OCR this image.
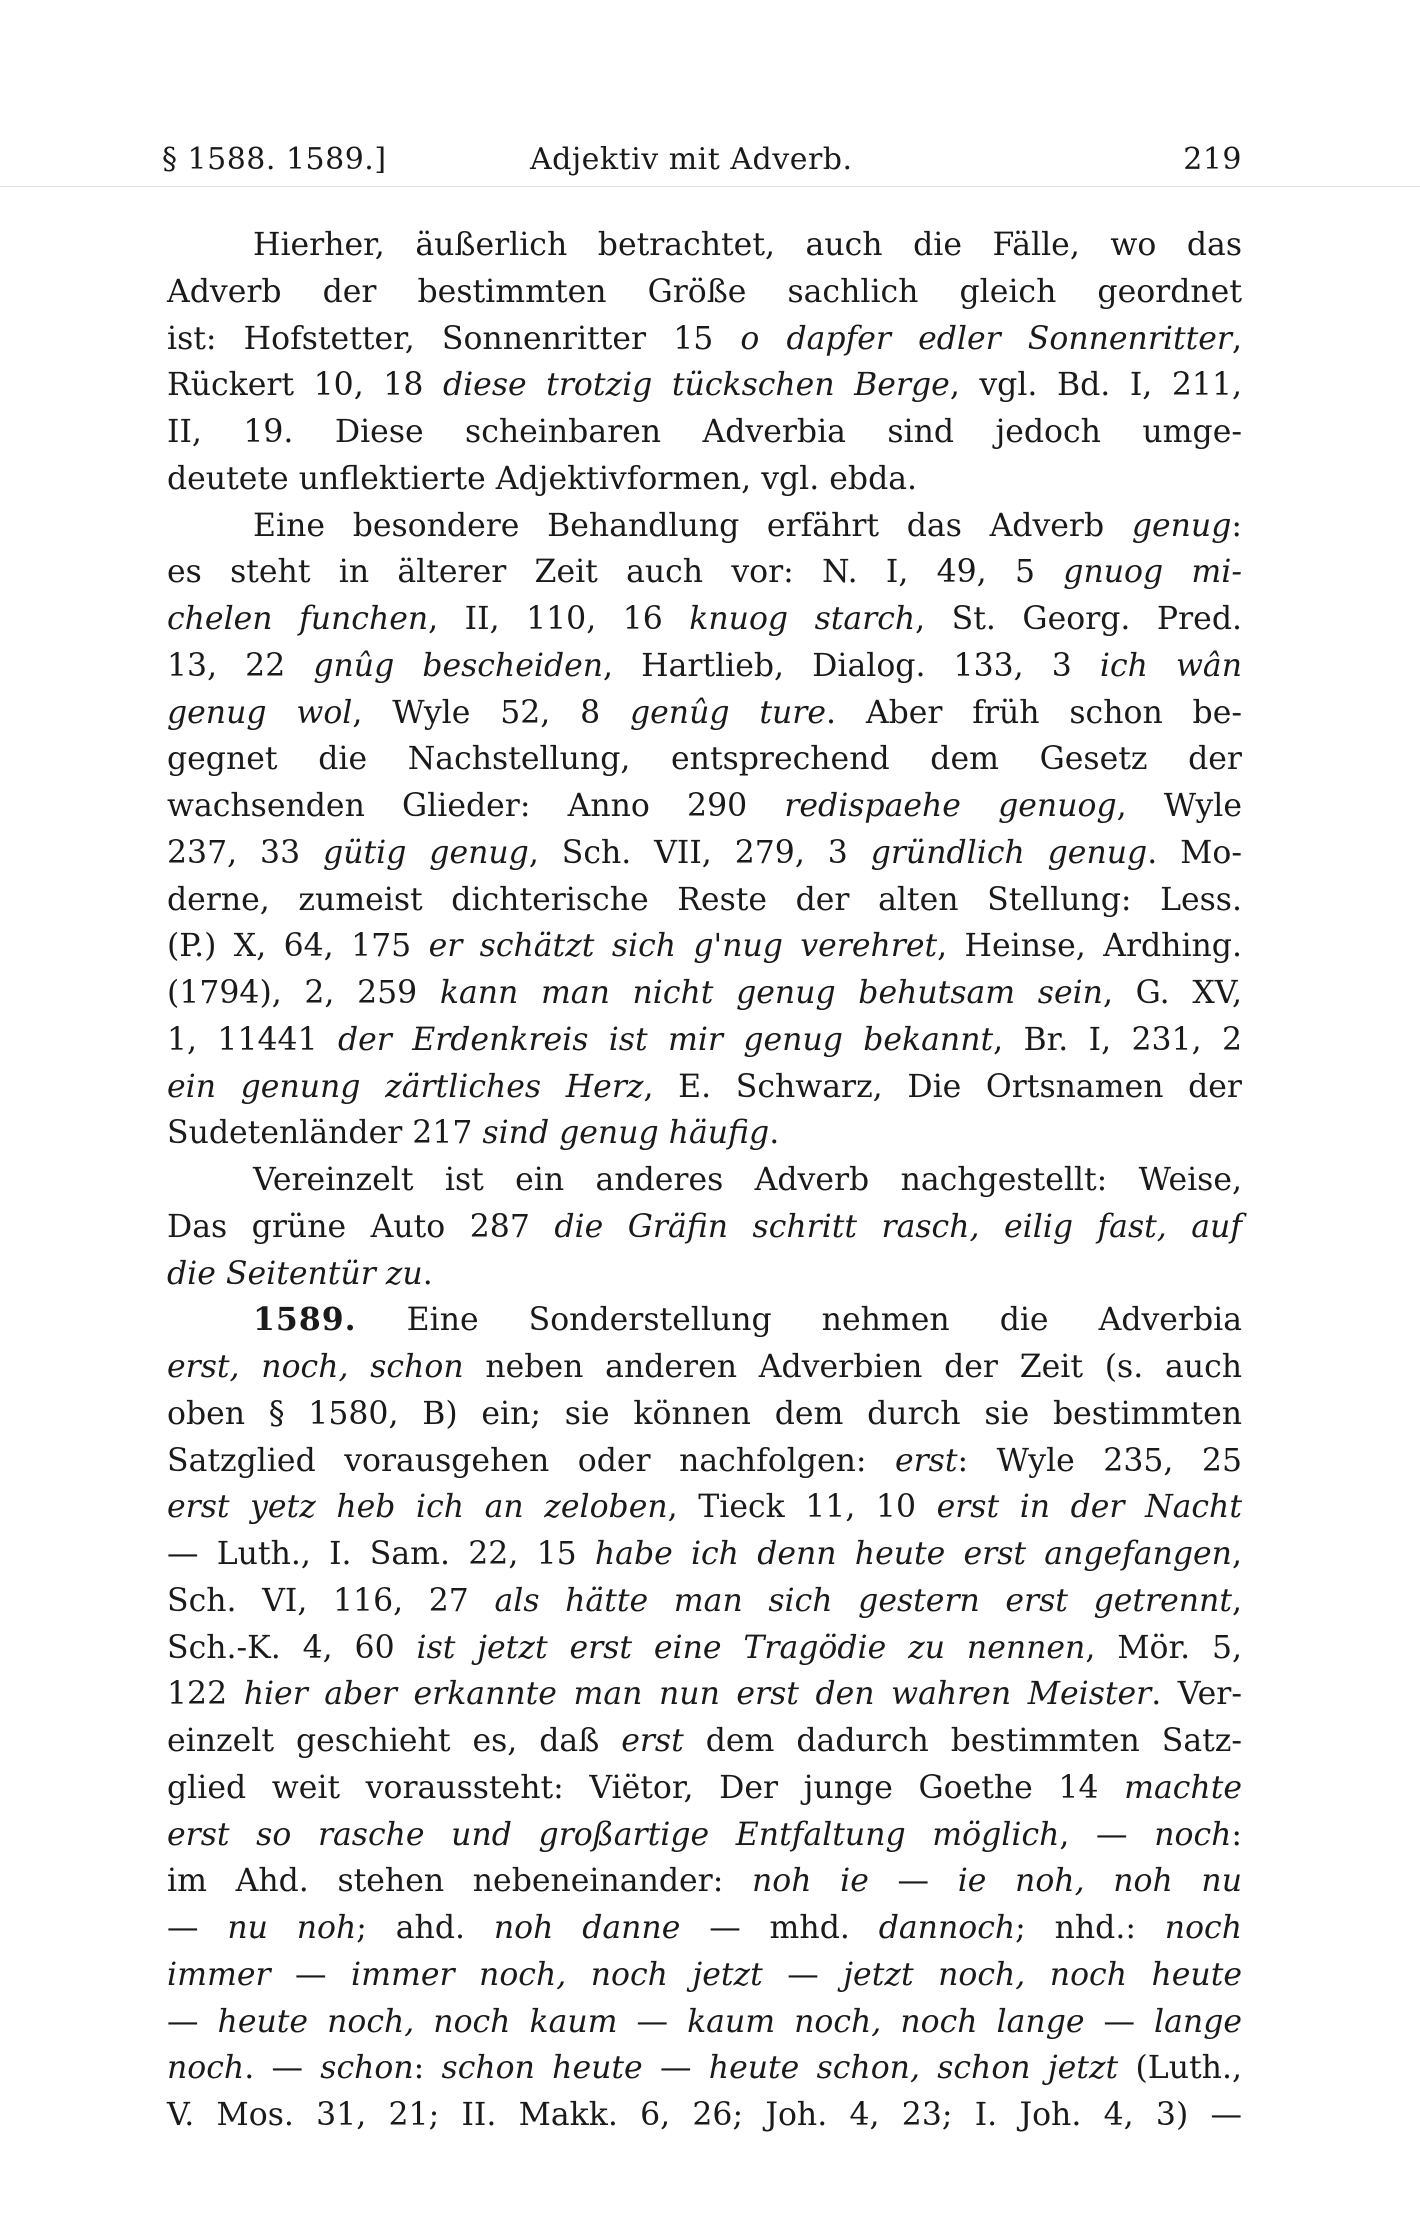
§ 1588. 1589.]	Adjektiv mit Adverb.	219
Hierher, äußerlich betrachtet, auch die Fälle, wo das
Adverb der bestimmten Größe sachlich gleich geordnet
ist: Hofstetter, Sonnenritter 15 o dapfer edler Sonnenritter,
Rückert 10, 18 diese trotzig tückschen Berge, vgl. Bd. I, 211,
II, 19. Diese scheinbaren Adverbia sind jedoch umge-
deutete unflektierte Adjektivformen, vgl. ebda.
Eine besondere Behandlung erfährt das Adverb genug:
es steht in älterer Zeit auch vor: N. I, 49, 5 gnuog mi-
chelen funchen, II, 110, 16 knuog starch, St. Georg. Pred.
13, 22 gnûg bescheiden, Hartlieb, Dialog. 133, 3 ich wân
genug wol, Wyle 52, 8 genûg ture. Aber früh schon be-
gegnet die Nachstellung, entsprechend dem Gesetz der
wachsenden Glieder: Anno 290 redispaehe genuog, Wyle
237, 33 gütig genug, Sch. VII, 279, 3 gründlich genug. Mo-
derne, zumeist dichterische Reste der alten Stellung: Less.
(P.) X, 64, 175 er schätzt sich g'nug verehret, Heinse, Ardhing.
(1794), 2, 259 kann man nicht genug behutsam sein, G. XV,
1, 11441 der Erdenkreis ist mir genug bekannt, Br. I, 231, 2
ein genung zärtliches Herz, E. Schwarz, Die Ortsnamen der
Sudetenländer 217 sind genug häufig.
Vereinzelt ist ein anderes Adverb nachgestellt: Weise,
Das grüne Auto 287 die Gräfin schritt rasch, eilig fast, auf
die Seitentür zu.
1589. Eine Sonderstellung nehmen die Adverbia
erst, noch, schon neben anderen Adverbien der Zeit (s. auch
oben § 1580, B) ein; sie können dem durch sie bestimmten
Satzglied vorausgehen oder nachfolgen: erst: Wyle 235, 25
erst yetz heb ich an zeloben, Tieck 11, 10 erst in der Nacht
— Luth., I. Sam. 22, 15 habe ich denn heute erst angefangen,
Sch. VI, 116, 27 als hätte man sich gestern erst getrennt,
Sch.-K. 4, 60 ist jetzt erst eine Tragödie zu nennen, Mör. 5,
122 hier aber erkannte man nun erst den wahren Meister. Ver-
einzelt geschieht es, daß erst dem dadurch bestimmten Satz-
glied weit voraussteht: Viëtor, Der junge Goethe 14 machte
erst so rasche und großartige Entfaltung möglich, — noch:
im Ahd. stehen nebeneinander: noh ie — ie noh, noh nu
— nu noh; ahd. noh danne — mhd. dannoch; nhd.: noch
immer — immer noch, noch jetzt — jetzt noch, noch heute
— heute noch, noch kaum — kaum noch, noch lange — lange
noch. — schon: schon heute — heute schon, schon jetzt (Luth.,
V. Mos. 31, 21; II. Makk. 6, 26; Joh. 4, 23; I. Joh. 4, 3) —
